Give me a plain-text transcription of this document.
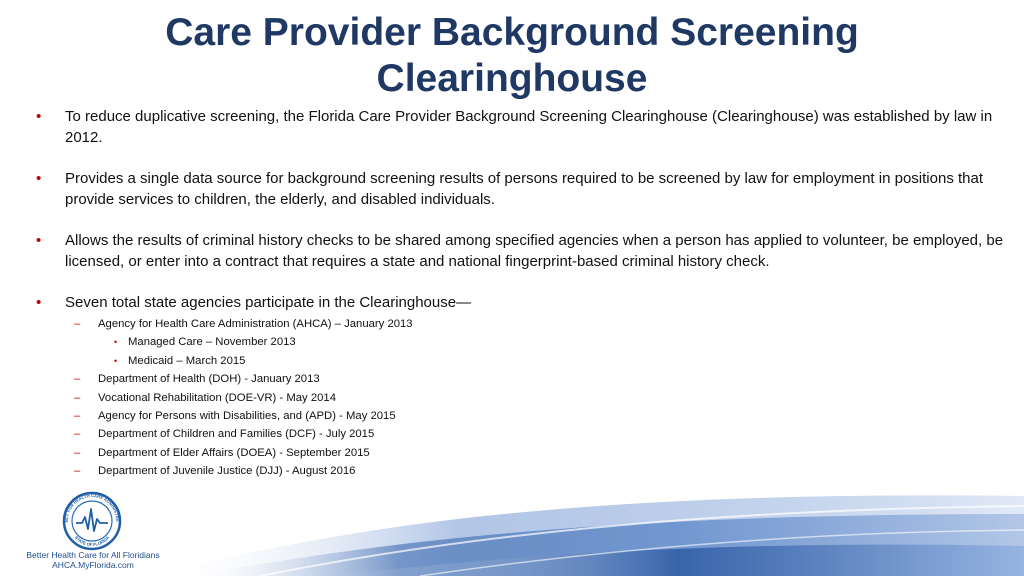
Care Provider Background Screening
Clearinghouse
• To reduce duplicative screening, the Florida Care Provider Background Screening Clearinghouse (Clearinghouse) was established by law in 2012.
• Provides a single data source for background screening results of persons required to be screened by law for employment in positions that provide services to children, the elderly, and disabled individuals.
• Allows the results of criminal history checks to be shared among specified agencies when a person has applied to volunteer, be employed, be licensed, or enter into a contract that requires a state and national fingerprint-based criminal history check.
• Seven total state agencies participate in the Clearinghouse—
– Agency for Health Care Administration (AHCA) – January 2013
• Managed Care – November 2013
• Medicaid – March 2015
– Department of Health (DOH) - January 2013
– Vocational Rehabilitation (DOE-VR) - May 2014
– Agency for Persons with Disabilities, and (APD) - May 2015
– Department of Children and Families (DCF) - July 2015
– Department of Elder Affairs (DOEA) - September 2015
– Department of Juvenile Justice (DJJ) - August 2016
NCY FOR HEALTH CARE ADMINISTRA
STATE OF FLORIDA
Better Health Care for All Floridians
AHCA.MyFlorida.com
